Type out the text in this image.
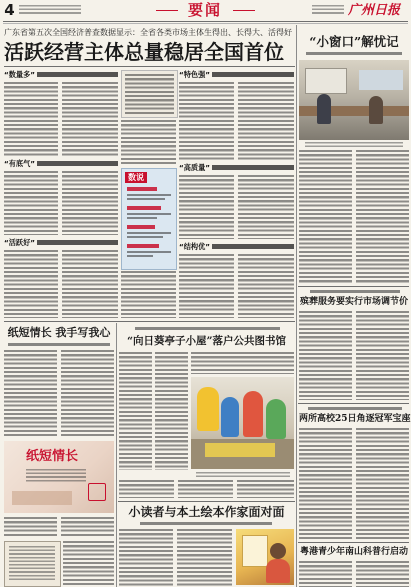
4	要闻	广州日报
广东省第五次全国经济普查数据显示：全省各类市场主体生得出、长得大、活得好
活跃经营主体总量稳居全国首位
“数量多”
“有底气”
“活跃好”
数说
“特色强”
“高质量”
“结构优”
“小窗口”解忧记
殡葬服务要实行市场调节价
两所高校25日角逐冠军宝座
粤港青少年南山科普行启动
纸短情长 我手写我心
纸短情长
“向日葵亭子小屋”落户公共图书馆
小读者与本土绘本作家面对面
